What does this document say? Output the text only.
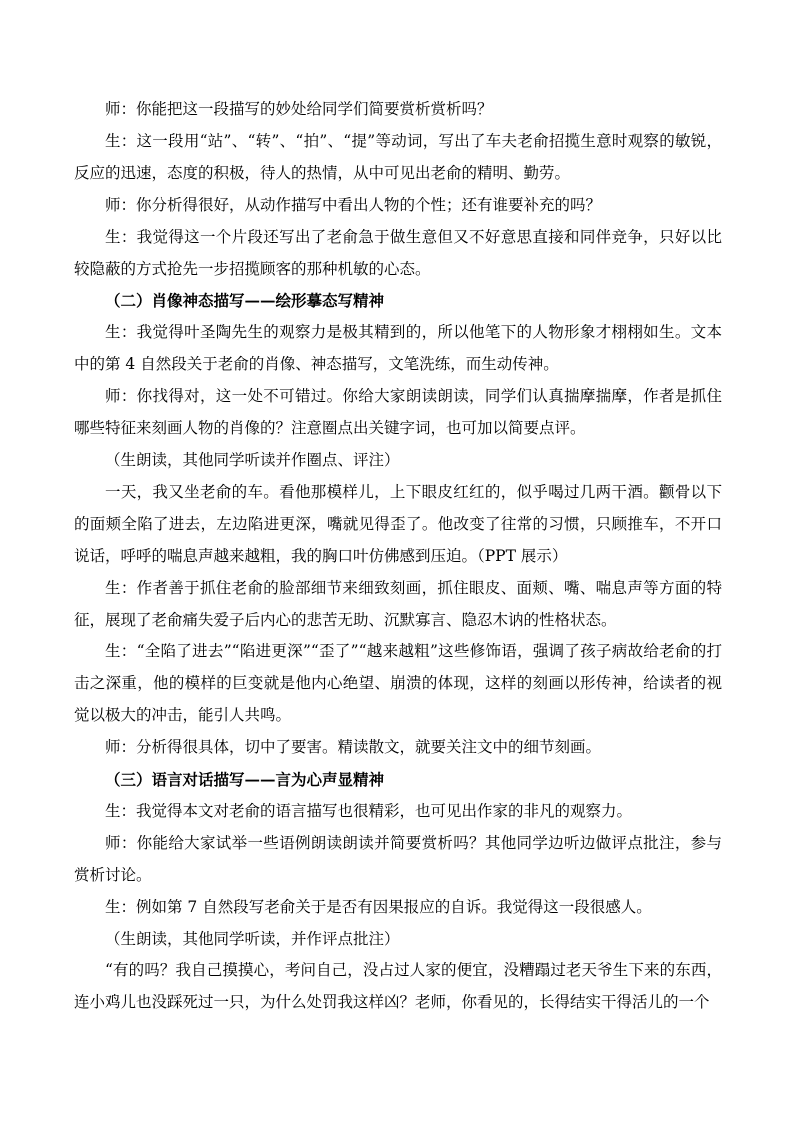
师：你能把这一段描写的妙处给同学们简要赏析赏析吗？

生：这一段用“站”、“转”、“拍”、“提”等动词，写出了车夫老俞招揽生意时观察的敏锐，反应的迅速，态度的积极，待人的热情，从中可见出老俞的精明、勤劳。

师：你分析得很好，从动作描写中看出人物的个性；还有谁要补充的吗？

生：我觉得这一个片段还写出了老俞急于做生意但又不好意思直接和同伴竞争，只好以比较隐蔽的方式抢先一步招揽顾客的那种机敏的心态。

（二）肖像神态描写——绘形摹态写精神

生：我觉得叶圣陶先生的观察力是极其精到的，所以他笔下的人物形象才栩栩如生。文本中的第 4 自然段关于老俞的肖像、神态描写，文笔洗练，而生动传神。

师：你找得对，这一处不可错过。你给大家朗读朗读，同学们认真揣摩揣摩，作者是抓住哪些特征来刻画人物的肖像的？注意圈点出关键字词，也可加以简要点评。

（生朗读，其他同学听读并作圈点、评注）

一天，我又坐老俞的车。看他那模样儿，上下眼皮红红的，似乎喝过几两干酒。颧骨以下的面颊全陷了进去，左边陷进更深，嘴就见得歪了。他改变了往常的习惯，只顾推车，不开口说话，呼呼的喘息声越来越粗，我的胸口叶仿佛感到压迫。（PPT 展示）

生：作者善于抓住老俞的脸部细节来细致刻画，抓住眼皮、面颊、嘴、喘息声等方面的特征，展现了老俞痛失爱子后内心的悲苦无助、沉默寡言、隐忍木讷的性格状态。

生：“全陷了进去”“陷进更深”“歪了”“越来越粗”这些修饰语，强调了孩子病故给老俞的打击之深重，他的模样的巨变就是他内心绝望、崩溃的体现，这样的刻画以形传神，给读者的视觉以极大的冲击，能引人共鸣。

师：分析得很具体，切中了要害。精读散文，就要关注文中的细节刻画。

（三）语言对话描写——言为心声显精神

生：我觉得本文对老俞的语言描写也很精彩，也可见出作家的非凡的观察力。

师：你能给大家试举一些语例朗读朗读并简要赏析吗？其他同学边听边做评点批注，参与赏析讨论。

生：例如第 7 自然段写老俞关于是否有因果报应的自诉。我觉得这一段很感人。

（生朗读，其他同学听读，并作评点批注）

“有的吗？我自己摸摸心，考问自己，没占过人家的便宜，没糟蹋过老天爷生下来的东西，连小鸡儿也没踩死过一只，为什么处罚我这样凶？老师，你看见的，长得结实干得活儿的一个
